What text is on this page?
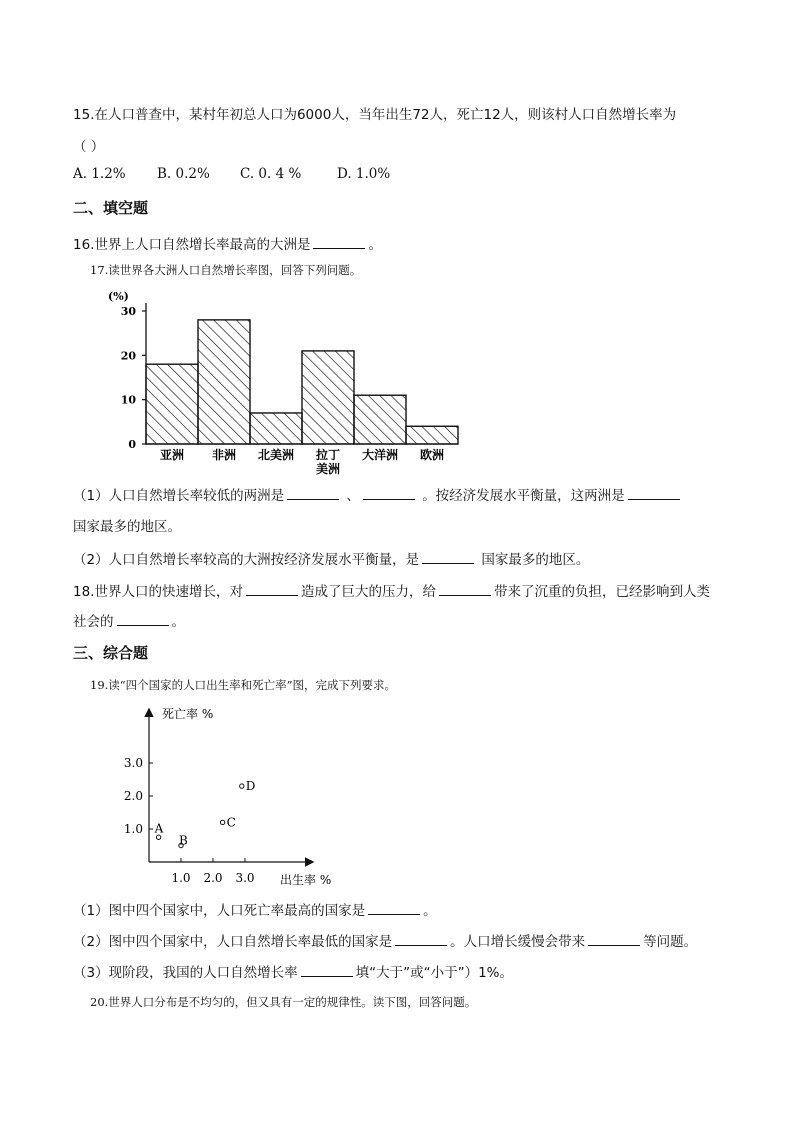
15.在人口普查中，某村年初总人口为6000人，当年出生72人，死亡12人，则该村人口自然增长率为
（ ）
A. 1.2% B. 0.2% C. 0. 4 %	D. 1.0%
二、填空题
16.世界上人口自然增长率最高的大洲是	。
17.读世界各大洲人口自然增长率图，回答下列问题。
0
10
20
30
亚洲 非洲 北美洲 拉丁 大洋洲 欧洲
美洲
(%)
（1）人口自然增长率较低的两洲是	、	。按经济发展水平衡量，这两洲是
国家最多的地区。
（2）人口自然增长率较高的大洲按经济发展水平衡量，是	国家最多的地区。
18.世界人口的快速增长，对	造成了巨大的压力，给	带来了沉重的负担，已经影响到人类
社会的	。
三、综合题
19.读“四个国家的人口出生率和死亡率”图，完成下列要求。
1.0 2.0 3.0
1.0
2.0
3.0
A
B
C
D
死亡率 %
出生率 %
（1）图中四个国家中，人口死亡率最高的国家是	。
（2）图中四个国家中，人口自然增长率最低的国家是	。人口增长缓慢会带来	等问题。
（3）现阶段，我国的人口自然增长率	填“大于”或“小于”）1%。
20.世界人口分布是不均匀的，但又具有一定的规律性。读下图，回答问题。
